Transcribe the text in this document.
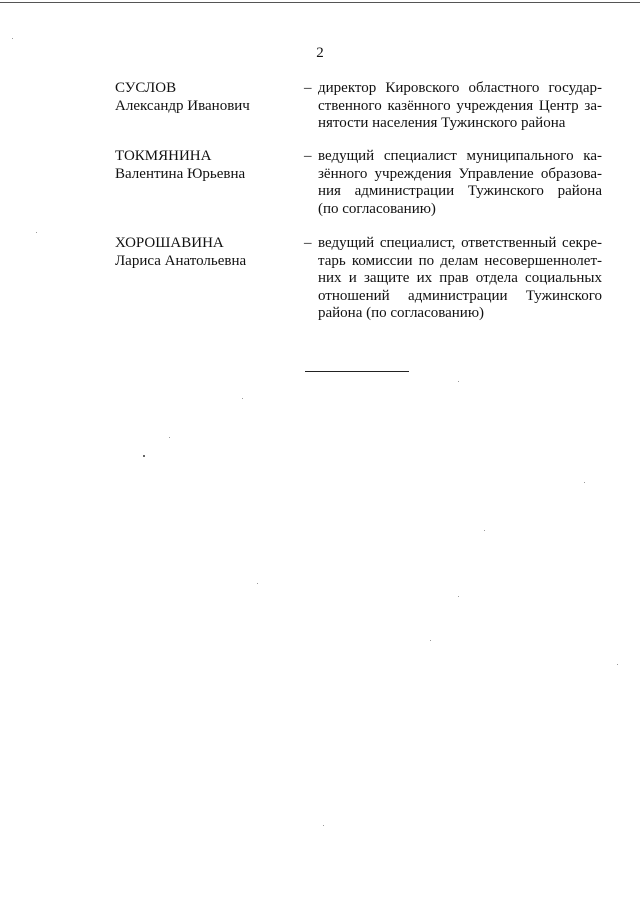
2
СУСЛОВ
Александр Иванович
– директор Кировского областного государ-
ственного казённого учреждения Центр за-
нятости населения Тужинского района
ТОКМЯНИНА
Валентина Юрьевна
– ведущий специалист муниципального ка-
зённого учреждения Управление образова-
ния администрации Тужинского района
(по согласованию)
ХОРОШАВИНА
Лариса Анатольевна
– ведущий специалист, ответственный секре-
тарь комиссии по делам несовершеннолет-
них и защите их прав отдела социальных
отношений администрации Тужинского
района (по согласованию)
